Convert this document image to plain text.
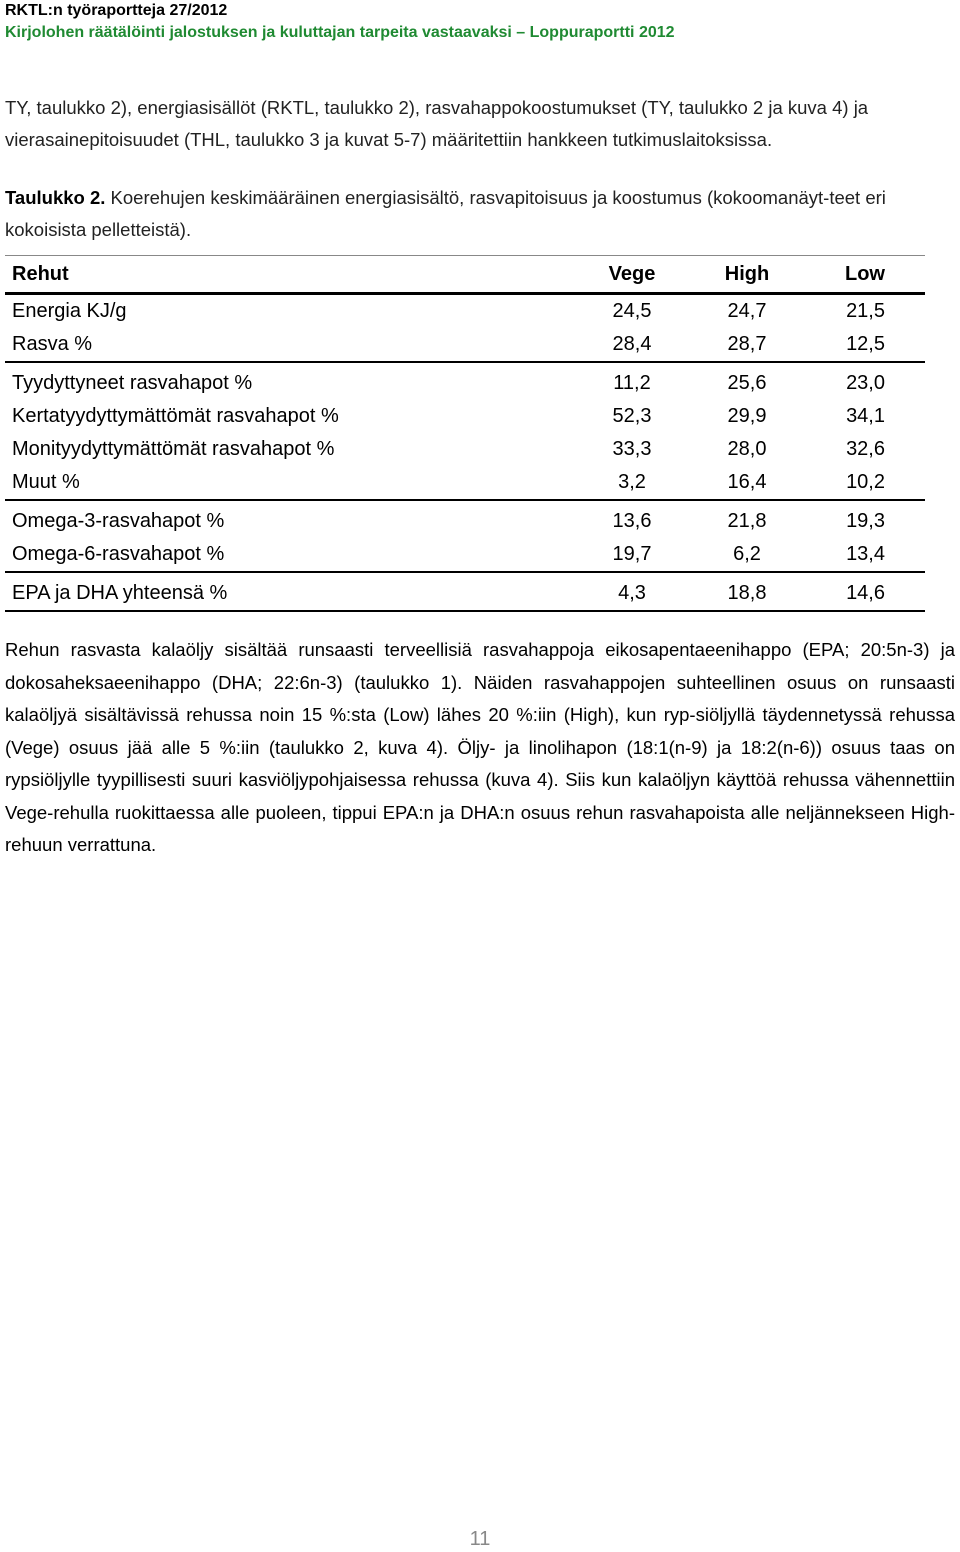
RKTL:n työraportteja 27/2012
Kirjolohen räätälöinti jalostuksen ja kuluttajan tarpeita vastaavaksi – Loppuraportti 2012
TY, taulukko 2), energiasisällöt (RKTL, taulukko 2), rasvahappokoostumukset (TY, taulukko 2 ja kuva 4) ja vierasainepitoisuudet (THL, taulukko 3 ja kuvat 5-7) määritettiin hankkeen tutkimuslaitoksissa.
Taulukko 2. Koerehujen keskimääräinen energiasisältö, rasvapitoisuus ja koostumus (kokoomanäyt-teet eri kokoisista pelletteistä).
Rehut	Vege	High	Low
Energia KJ/g	24,5	24,7	21,5
Rasva %	28,4	28,7	12,5
Tyydyttyneet rasvahapot %	11,2	25,6	23,0
Kertatyydyttymättömät rasvahapot %	52,3	29,9	34,1
Monityydyttymättömät rasvahapot %	33,3	28,0	32,6
Muut %	3,2	16,4	10,2
Omega-3-rasvahapot %	13,6	21,8	19,3
Omega-6-rasvahapot %	19,7	6,2	13,4
EPA ja DHA yhteensä %	4,3	18,8	14,6
Rehun rasvasta kalaöljy sisältää runsaasti terveellisiä rasvahappoja eikosapentaeenihappo (EPA; 20:5n-3) ja dokosaheksaeenihappo (DHA; 22:6n-3) (taulukko 1). Näiden rasvahappojen suhteellinen osuus on runsaasti kalaöljyä sisältävissä rehussa noin 15 %:sta (Low) lähes 20 %:iin (High), kun ryp-siöljyllä täydennetyssä rehussa (Vege) osuus jää alle 5 %:iin (taulukko 2, kuva 4). Öljy- ja linolihapon (18:1(n-9) ja 18:2(n-6)) osuus taas on rypsiöljylle tyypillisesti suuri kasviöljypohjaisessa rehussa (kuva 4). Siis kun kalaöljyn käyttöä rehussa vähennettiin Vege-rehulla ruokittaessa alle puoleen, tippui EPA:n ja DHA:n osuus rehun rasvahapoista alle neljännekseen High-rehuun verrattuna.
11
